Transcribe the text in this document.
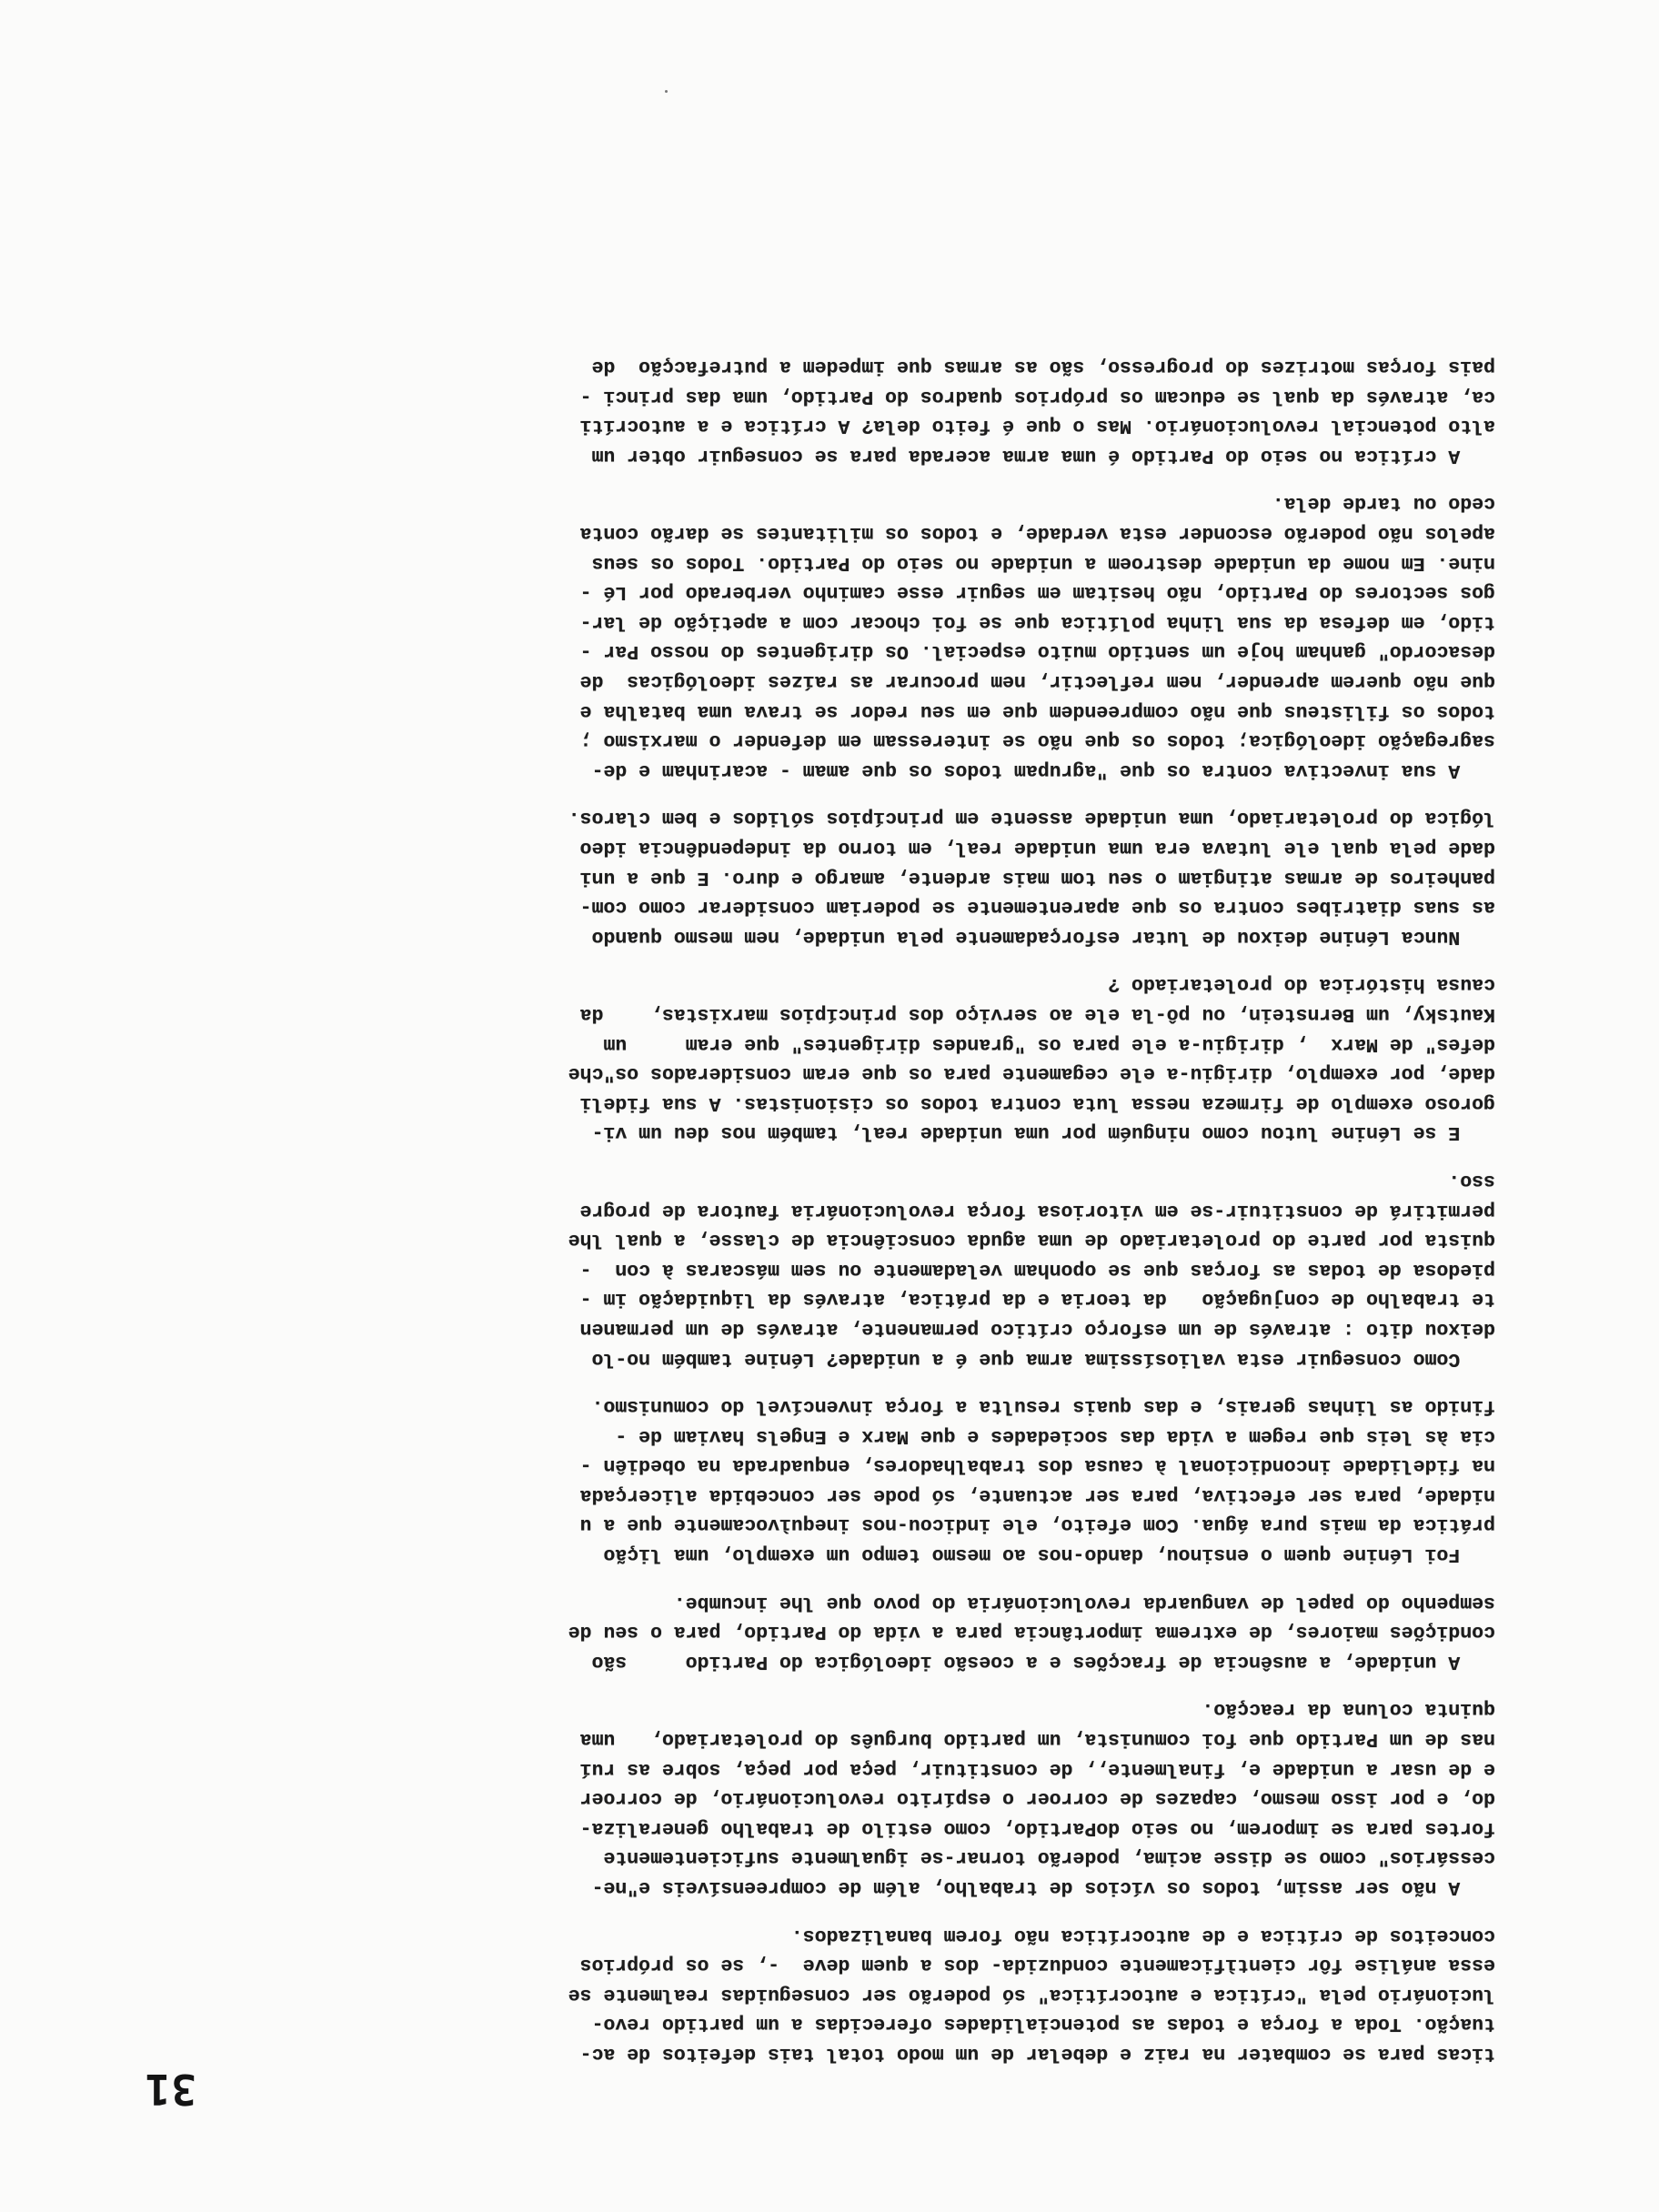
31
ticas para se combater na raiz e debelar de um modo total tais defeitos de ac-
tuação. Toda a força e todas as potencialidades oferecidas a um partido revo-
lucionário pela "crítica e autocrítica" só poderão ser conseguidas realmente se
essa análise fôr cientìficamente conduzida- dos a quem deve  -, se os próprios
conceitos de crítica e de autocrítica não forem banalizados.
A não ser assim, todos os vícios de trabalho, além de compreensíveis e"ne-
cessários" como se disse acima, poderão tornar-se igualmente suficientemente
fortes para se imporem, no seio doPartido, como estilo de trabalho generaliza-
do, e por isso mesmo, capazes de corroer o espírito revolucionário, de corroer
e de usar a unidade e, finalmente,, de constituir, peça por peça, sobre as ruí
nas de um Partido que foi comunista, um partido burguês do proletariado,   uma
quinta coluna da reacção.
A unidade, a ausência de fracções e a coesão ideológica do Partido     são
condições maiores, de extrema importância para a vida do Partido, para o seu de
sempenho do papel de vanguarda revolucionária do povo que lhe incumbe.
Foi Lénine quem o ensinou, dando-nos ao mesmo tempo um exemplo, uma lição
prática da mais pura água. Com efeito, ele indicou-nos inequìvocamente que a u
nidade, para ser efectiva, para ser actuante, só pode ser concebida alicerçada
na fidelidade incondicional à causa dos trabalhadores, enquadrada na obediên -
cia às leis que regem a vida das sociedades e que Marx e Engels haviam de -
finido as linhas gerais, e das quais resulta a força invencível do comunismo.
Como conseguir esta valiosíssima arma que é a unidade? Lénine também no-lo
deixou dito : através de um esforço crítico permanente, através de um permanen
te trabalho de conjugação   da teoria e da prática, através da liquidação im -
piedosa de todas as forças que se oponham veladamente ou sem máscaras à con  -
quista por parte do proletariado de uma aguda consciência de classe, a qual lhe
permitirá de constituir-se em vitoriosa força revolucionária fautora de progre
sso.
E se Lénine lutou como ninguém por uma unidade real, também nos deu um vi-
goroso exemplo de firmeza nessa luta contra todos os cisionistas. A sua fideli
dade, por exemplo, dirigiu-a ele cegamente para os que eram considerados os"che
defes" de Marx  , dirigiu-a ele para os "grandes dirigentes" que eram     um
Kautsky, um Bernstein, ou pô-la ele ao serviço dos princípios marxistas,    da
causa histórica do proletariado ?
Nunca Lénine deixou de lutar esforçadamente pela unidade, nem mesmo quando
as suas diatribes contra os que aparentemente se poderiam considerar como com-
panheiros de armas atingiam o seu tom mais ardente, amargo e duro. E que a uni
dade pela qual ele lutava era uma unidade real, em torno da independência ideo
lógica do proletariado, uma unidade assente em princípios sólidos e bem claros.
A sua invectiva contra os que "agrupam todos os que amam - acarinham e de-
sagregação ideológica; todos os que não se interessam em defender o marxismo ;
todos os filisteus que não compreendem que em seu redor se trava uma batalha e
que não querem aprender, nem reflectir, nem procurar as raízes ideológicas  de
desacordo" ganham hoje um sentido muito especial. Os dirigentes do nosso Par -
tido, em defesa da sua linha política que se foi chocar com a apetição de lar-
gos sectores do Partido, não hesitam em seguir esse caminho verberado por Lé -
nine. Em nome da unidade destroem a unidade no seio do Partido. Todos os seus
apelos não poderão esconder esta verdade, e todos os militantes se darão conta
cedo ou tarde dela.
A crítica no seio do Partido é uma arma acerada para se conseguir obter um
alto potencial revolucionário. Mas o que é feito dela? A crítica e a autocríti
ca, através da qual se educam os próprios quadros do Partido, uma das princi -
pais forças motrizes do progresso, são as armas que impedem a putrefacção  de
